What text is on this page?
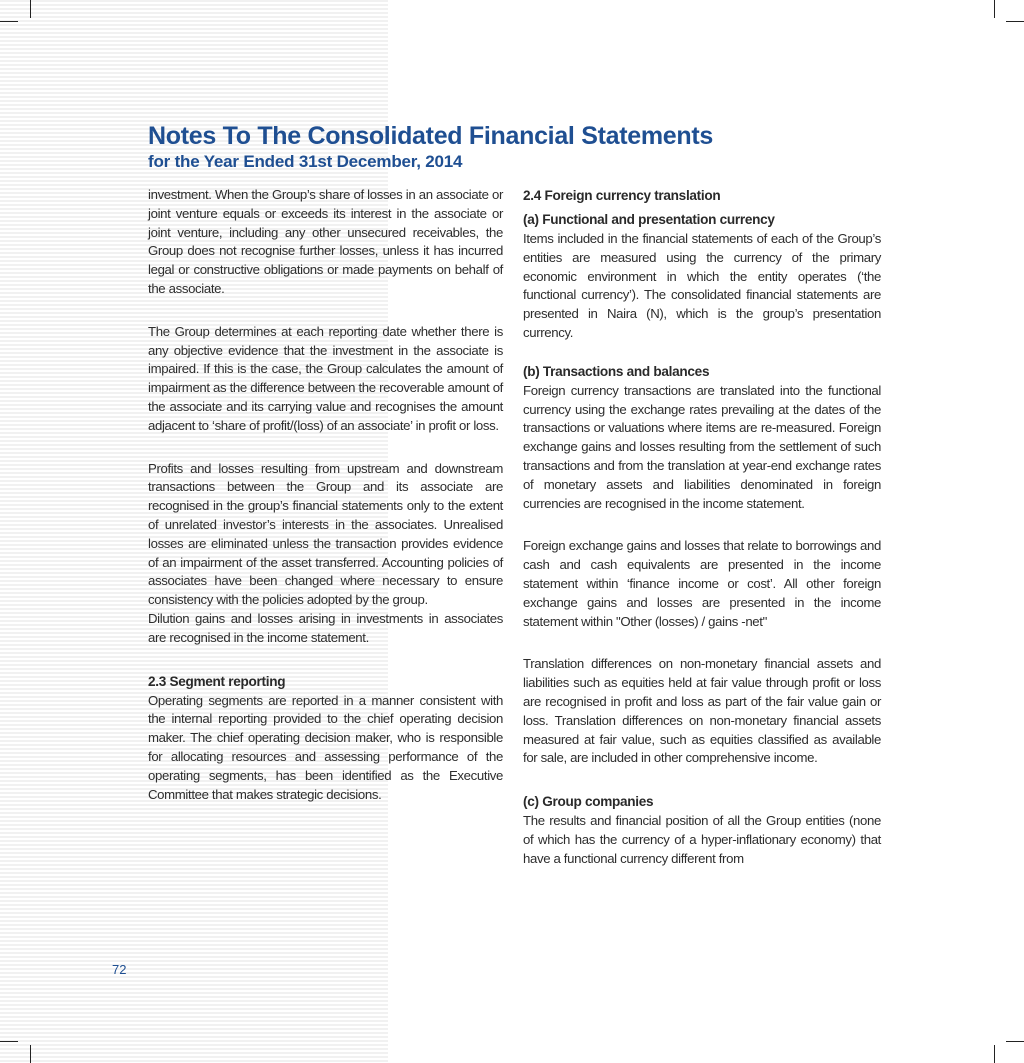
Notes To The Consolidated Financial Statements
for the Year Ended 31st December, 2014

investment. When the Group’s share of losses in an associate or joint venture equals or exceeds its interest in the associate or joint venture, including any other unsecured receivables, the Group does not recognise further losses, unless it has incurred legal or constructive obligations or made payments on behalf of the associate.

The Group determines at each reporting date whether there is any objective evidence that the investment in the associate is impaired. If this is the case, the Group calculates the amount of impairment as the difference between the recoverable amount of the associate and its carrying value and recognises the amount adjacent to ‘share of profit/(loss) of an associate’ in profit or loss.

Profits and losses resulting from upstream and downstream transactions between the Group and its associate are recognised in the group’s financial statements only to the extent of unrelated investor’s interests in the associates. Unrealised losses are eliminated unless the transaction provides evidence of an impairment of the asset transferred. Accounting policies of associates have been changed where necessary to ensure consistency with the policies adopted by the group.

Dilution gains and losses arising in investments in associates are recognised in the income statement.

2.3 Segment reporting

Operating segments are reported in a manner consistent with the internal reporting provided to the chief operating decision maker. The chief operating decision maker, who is responsible for allocating resources and assessing performance of the operating segments, has been identified as the Executive Committee that makes strategic decisions.

2.4 Foreign currency translation
(a) Functional and presentation currency

Items included in the financial statements of each of the Group’s entities are measured using the currency of the primary economic environment in which the entity operates (‘the functional currency’). The consolidated financial statements are presented in Naira (N), which is the group’s presentation currency.

(b) Transactions and balances

Foreign currency transactions are translated into the functional currency using the exchange rates prevailing at the dates of the transactions or valuations where items are re-measured. Foreign exchange gains and losses resulting from the settlement of such transactions and from the translation at year-end exchange rates of monetary assets and liabilities denominated in foreign currencies are recognised in the income statement.

Foreign exchange gains and losses that relate to borrowings and cash and cash equivalents are presented in the income statement within ‘finance income or cost’. All other foreign exchange gains and losses are presented in the income statement within "Other (losses) / gains -net"

Translation differences on non-monetary financial assets and liabilities such as equities held at fair value through profit or loss are recognised in profit and loss as part of the fair value gain or loss. Translation differences on non-monetary financial assets measured at fair value, such as equities classified as available for sale, are included in other comprehensive income.

(c) Group companies

The results and financial position of all the Group entities (none of which has the currency of a hyper-inflationary economy) that have a functional currency different from

72
